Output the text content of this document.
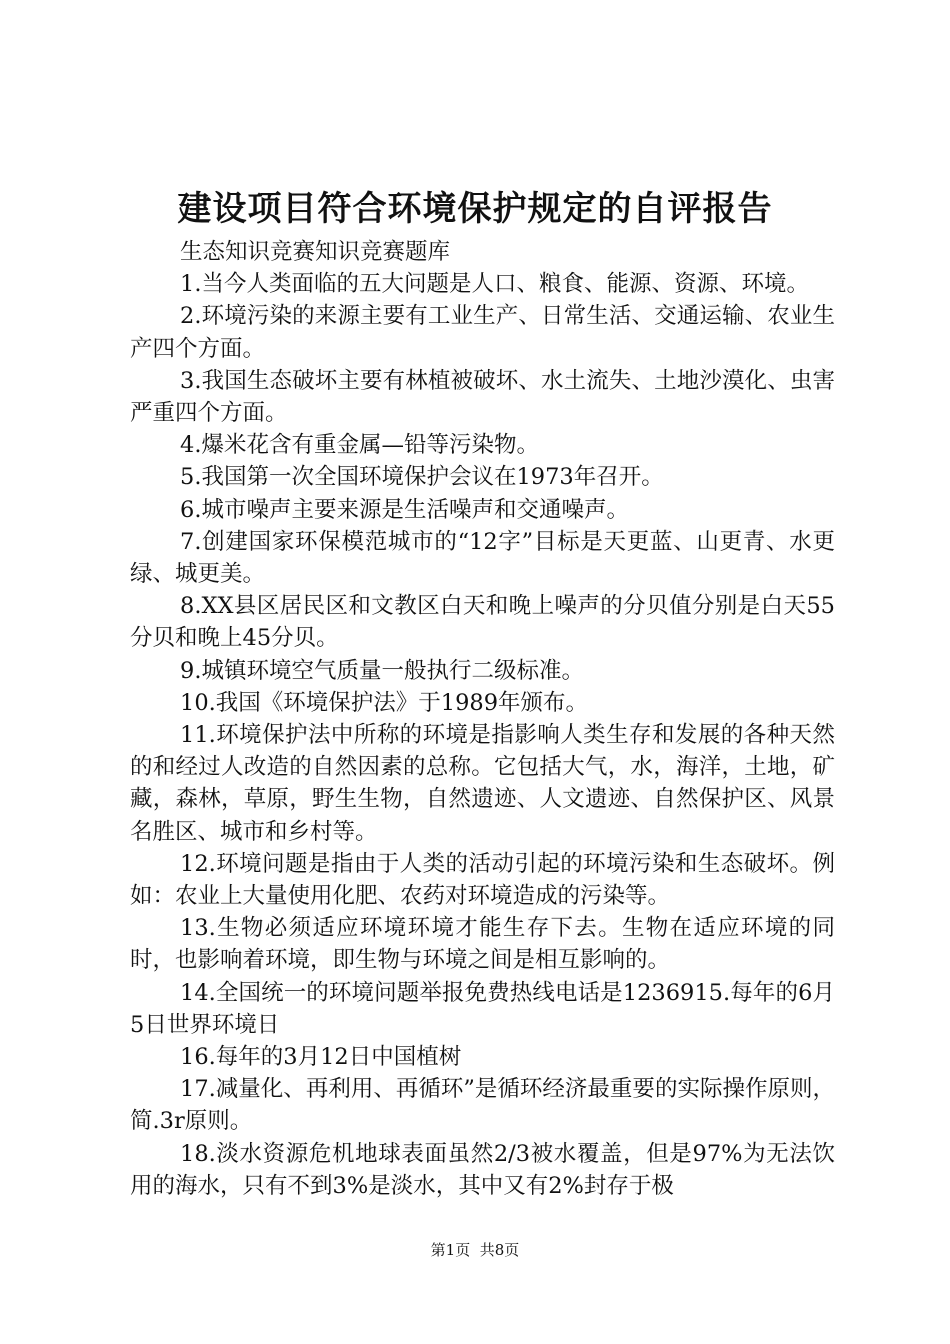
建设项目符合环境保护规定的自评报告

生态知识竞赛知识竞赛题库

1.当今人类面临的五大问题是人口、粮食、能源、资源、环境。

2.环境污染的来源主要有工业生产、日常生活、交通运输、农业生产四个方面。

3.我国生态破坏主要有林植被破坏、水土流失、土地沙漠化、虫害严重四个方面。

4.爆米花含有重金属—铅等污染物。

5.我国第一次全国环境保护会议在1973年召开。

6.城市噪声主要来源是生活噪声和交通噪声。

7.创建国家环保模范城市的“12字”目标是天更蓝、山更青、水更绿、城更美。

8.XX县区居民区和文教区白天和晚上噪声的分贝值分别是白天55分贝和晚上45分贝。

9.城镇环境空气质量一般执行二级标准。

10.我国《环境保护法》于1989年颁布。

11.环境保护法中所称的环境是指影响人类生存和发展的各种天然的和经过人改造的自然因素的总称。它包括大气，水，海洋，土地，矿藏，森林，草原，野生生物，自然遗迹、人文遗迹、自然保护区、风景名胜区、城市和乡村等。

12.环境问题是指由于人类的活动引起的环境污染和生态破坏。例如：农业上大量使用化肥、农药对环境造成的污染等。

13.生物必须适应环境环境才能生存下去。生物在适应环境的同时，也影响着环境，即生物与环境之间是相互影响的。

14.全国统一的环境问题举报免费热线电话是1236915.每年的6月5日世界环境日

16.每年的3月12日中国植树

17.减量化、再利用、再循环”是循环经济最重要的实际操作原则，简.3r原则。

18.淡水资源危机地球表面虽然2/3被水覆盖，但是97%为无法饮用的海水，只有不到3%是淡水，其中又有2%封存于极

第1页 共8页
